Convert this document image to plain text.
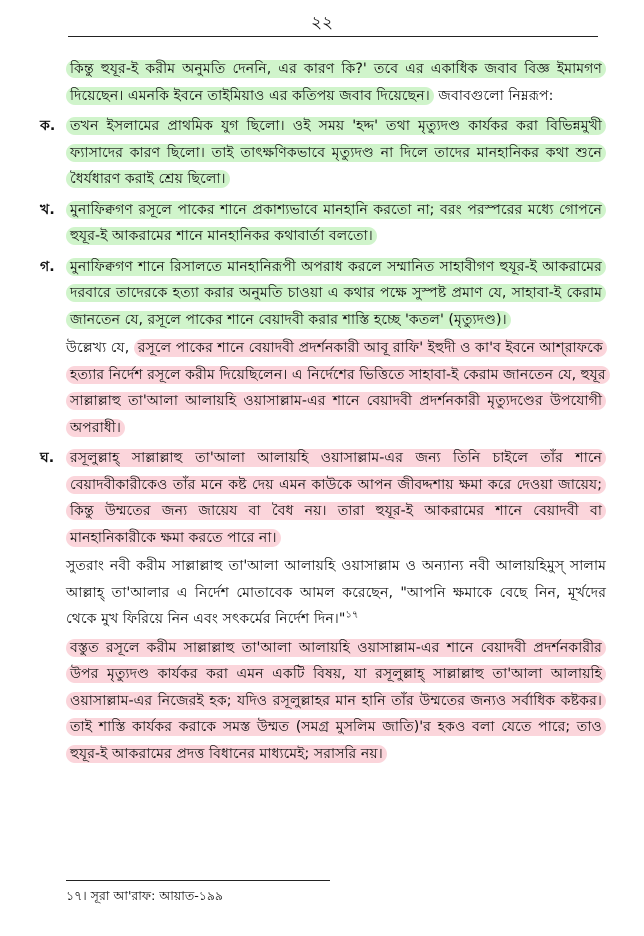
২২

কিন্তু হুযূর-ই করীম অনুমতি দেননি, এর কারণ কি?' তবে এর একাধিক জবাব বিজ্ঞ ইমামগণ দিয়েছেন। এমনকি ইবনে তাইমিয়াও এর কতিপয় জবাব দিয়েছেন। জবাবগুলো নিম্নরূপ:

ক.	তখন ইসলামের প্রাথমিক যুগ ছিলো। ওই সময় 'হদ্দ' তথা মৃত্যুদণ্ড কার্যকর করা বিভিন্নমুখী ফ্যাসাদের কারণ ছিলো। তাই তাৎক্ষণিকভাবে মৃত্যুদণ্ড না দিলে তাদের মানহানিকর কথা শুনে ধৈর্যধারণ করাই শ্রেয় ছিলো।
খ.	মুনাফিক্বগণ রসূলে পাকের শানে প্রকাশ্যভাবে মানহানি করতো না; বরং পরস্পরের মধ্যে গোপনে হুযূর-ই আকরামের শানে মানহানিকর কথাবার্তা বলতো।
গ.	মুনাফিক্বগণ শানে রিসালতে মানহানিরূপী অপরাধ করলে সম্মানিত সাহাবীগণ হুযূর-ই আকরামের দরবারে তাদেরকে হত্যা করার অনুমতি চাওয়া এ কথার পক্ষে সুস্পষ্ট প্রমাণ যে, সাহাবা-ই কেরাম জানতেন যে, রসূলে পাকের শানে বেয়াদবী করার শাস্তি হচ্ছে 'কতল' (মৃত্যুদণ্ড)।

উল্লেখ্য যে, রসূলে পাকের শানে বেয়াদবী প্রদর্শনকারী আবূ রাফি' ইহুদী ও কা'ব ইবনে আশ্‌রাফকে হত্যার নির্দেশ রসূলে করীম দিয়েছিলেন। এ নির্দেশের ভিত্তিতে সাহাবা-ই কেরাম জানতেন যে, হুযূর সাল্লাল্লাহু তা'আলা আলায়হি ওয়াসাল্লাম-এর শানে বেয়াদবী প্রদর্শনকারী মৃত্যুদণ্ডের উপযোগী অপরাধী।

ঘ.	রসূলুল্লাহ্ সাল্লাল্লাহু তা'আলা আলায়হি ওয়াসাল্লাম-এর জন্য তিনি চাইলে তাঁর শানে বেয়াদবীকারীকেও তাঁর মনে কষ্ট দেয় এমন কাউকে আপন জীবদ্দশায় ক্ষমা করে দেওয়া জায়েয; কিন্তু উম্মতের জন্য জায়েয বা বৈধ নয়। তারা হুযূর-ই আকরামের শানে বেয়াদবী বা মানহানিকারীকে ক্ষমা করতে পারে না।

সুতরাং নবী করীম সাল্লাল্লাহু তা'আলা আলায়হি ওয়াসাল্লাম ও অন্যান্য নবী আলায়হিমুস্ সালাম আল্লাহ্ তা'আলার এ নির্দেশ মোতাবেক আমল করেছেন, "আপনি ক্ষমাকে বেছে নিন, মূর্খদের থেকে মুখ ফিরিয়ে নিন এবং সৎকর্মের নির্দেশ দিন।"$^{১৭}$

বস্তুত রসূলে করীম সাল্লাল্লাহু তা'আলা আলায়হি ওয়াসাল্লাম-এর শানে বেয়াদবী প্রদর্শনকারীর উপর মৃত্যুদণ্ড কার্যকর করা এমন একটি বিষয়, যা রসূলুল্লাহ্ সাল্লাল্লাহু তা'আলা আলায়হি ওয়াসাল্লাম-এর নিজেরই হক; যদিও রসূলুল্লাহর মান হানি তাঁর উম্মতের জন্যও সর্বাধিক কষ্টকর। তাই শাস্তি কার্যকর করাকে সমস্ত উম্মত (সমগ্র মুসলিম জাতি)'র হকও বলা যেতে পারে; তাও হুযূর-ই আকরামের প্রদত্ত বিধানের মাধ্যমেই; সরাসরি নয়।

১৭। সূরা আ'রাফ: আয়াত-১৯৯
